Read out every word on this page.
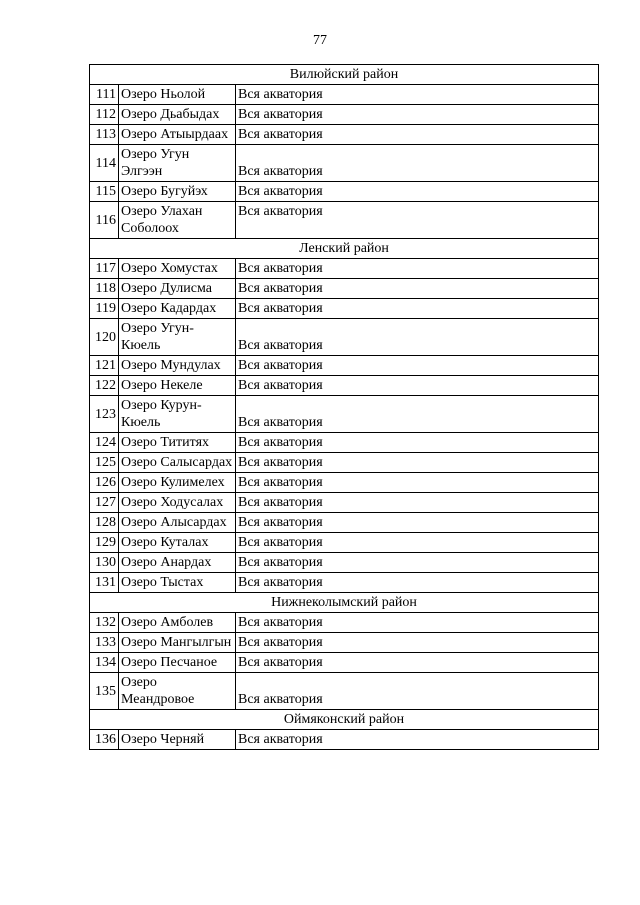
77
Вилюйский район		
111	Озеро Ньолой	Вся акватория
112	Озеро Дьабыдах	Вся акватория
113	Озеро Атыырдаах	Вся акватория
114	Озеро Угун Элгээн	Вся акватория
115	Озеро Бугуйэх	Вся акватория
116	Озеро Улахан Соболоох	Вся акватория
Ленский район		
117	Озеро Хомустах	Вся акватория
118	Озеро Дулисма	Вся акватория
119	Озеро Кадардах	Вся акватория
120	Озеро Угун-Кюель	Вся акватория
121	Озеро Мундулах	Вся акватория
122	Озеро Некеле	Вся акватория
123	Озеро Курун-Кюель	Вся акватория
124	Озеро Тититях	Вся акватория
125	Озеро Салысардах	Вся акватория
126	Озеро Кулимелех	Вся акватория
127	Озеро Ходусалах	Вся акватория
128	Озеро Алысардах	Вся акватория
129	Озеро Куталах	Вся акватория
130	Озеро Анардах	Вся акватория
131	Озеро Тыстах	Вся акватория
Нижнеколымский район		
132	Озеро Амболев	Вся акватория
133	Озеро Мангылгын	Вся акватория
134	Озеро Песчаное	Вся акватория
135	Озеро Меандровое	Вся акватория
Оймяконский район		
136	Озеро Черняй	Вся акватория
